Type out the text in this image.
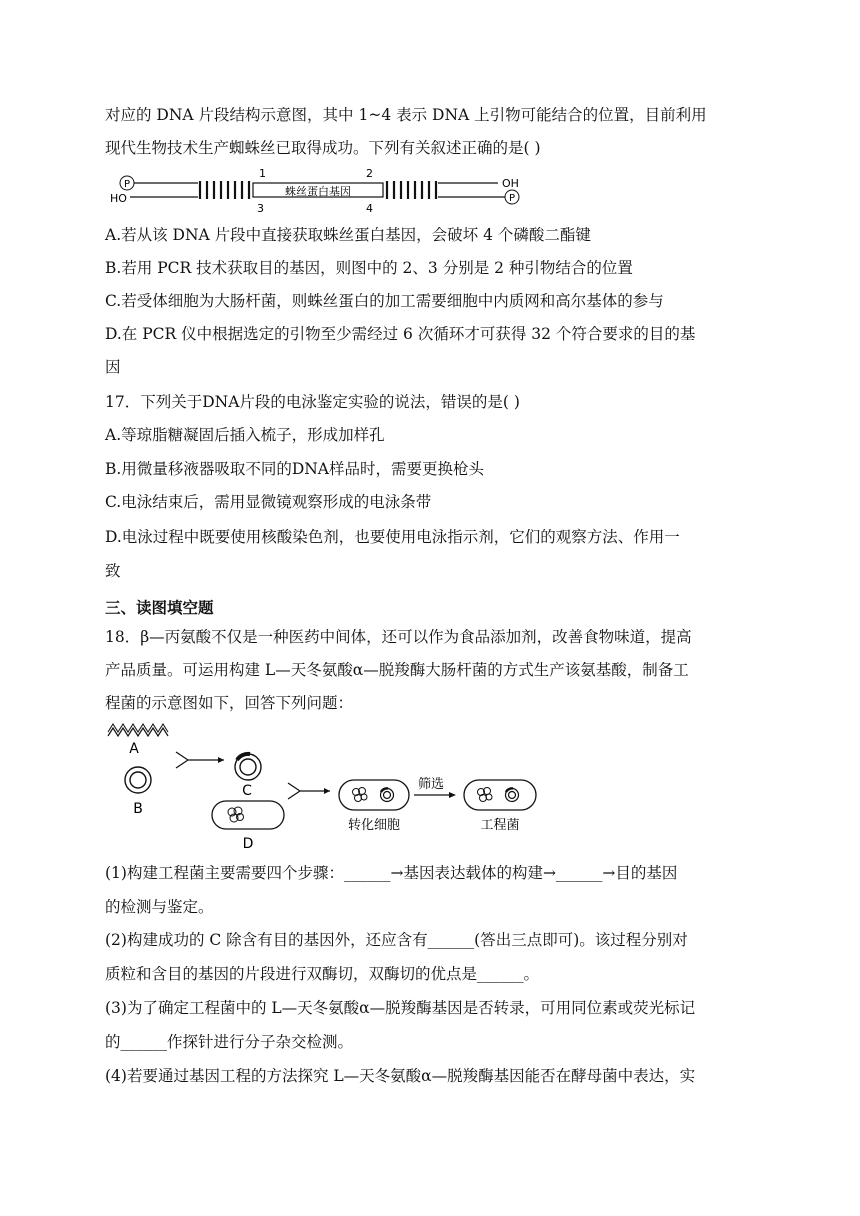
对应的 DNA 片段结构示意图，其中 1~4 表示 DNA 上引物可能结合的位置，目前利用
现代生物技术生产蜘蛛丝已取得成功。下列有关叙述正确的是( )
P
P
HO
OH
蛛丝蛋白基因
1	2
3	4
A.若从该 DNA 片段中直接获取蛛丝蛋白基因，会破坏 4 个磷酸二酯键
B.若用 PCR 技术获取目的基因，则图中的 2、3 分别是 2 种引物结合的位置
C.若受体细胞为大肠杆菌，则蛛丝蛋白的加工需要细胞中内质网和高尔基体的参与
D.在 PCR 仪中根据选定的引物至少需经过 6 次循环才可获得 32 个符合要求的目的基
因
17．下列关于DNA片段的电泳鉴定实验的说法，错误的是( )
A.等琼脂糖凝固后插入梳子，形成加样孔
B.用微量移液器吸取不同的DNA样品时，需要更换枪头
C.电泳结束后，需用显微镜观察形成的电泳条带
D.电泳过程中既要使用核酸染色剂，也要使用电泳指示剂，它们的观察方法、作用一
致
三、读图填空题
18．β—丙氨酸不仅是一种医药中间体，还可以作为食品添加剂，改善食物味道，提高
产品质量。可运用构建 L—天冬氨酸α—脱羧酶大肠杆菌的方式生产该氨基酸，制备工
程菌的示意图如下，回答下列问题：
A
B
C
D
转化细胞
筛选
工程菌
(1)构建工程菌主要需要四个步骤：______→基因表达载体的构建→______→目的基因
的检测与鉴定。
(2)构建成功的 C 除含有目的基因外，还应含有______(答出三点即可)。该过程分别对
质粒和含目的基因的片段进行双酶切，双酶切的优点是______。
(3)为了确定工程菌中的 L—天冬氨酸α—脱羧酶基因是否转录，可用同位素或荧光标记
的______作探针进行分子杂交检测。
(4)若要通过基因工程的方法探究 L—天冬氨酸α—脱羧酶基因能否在酵母菌中表达，实
